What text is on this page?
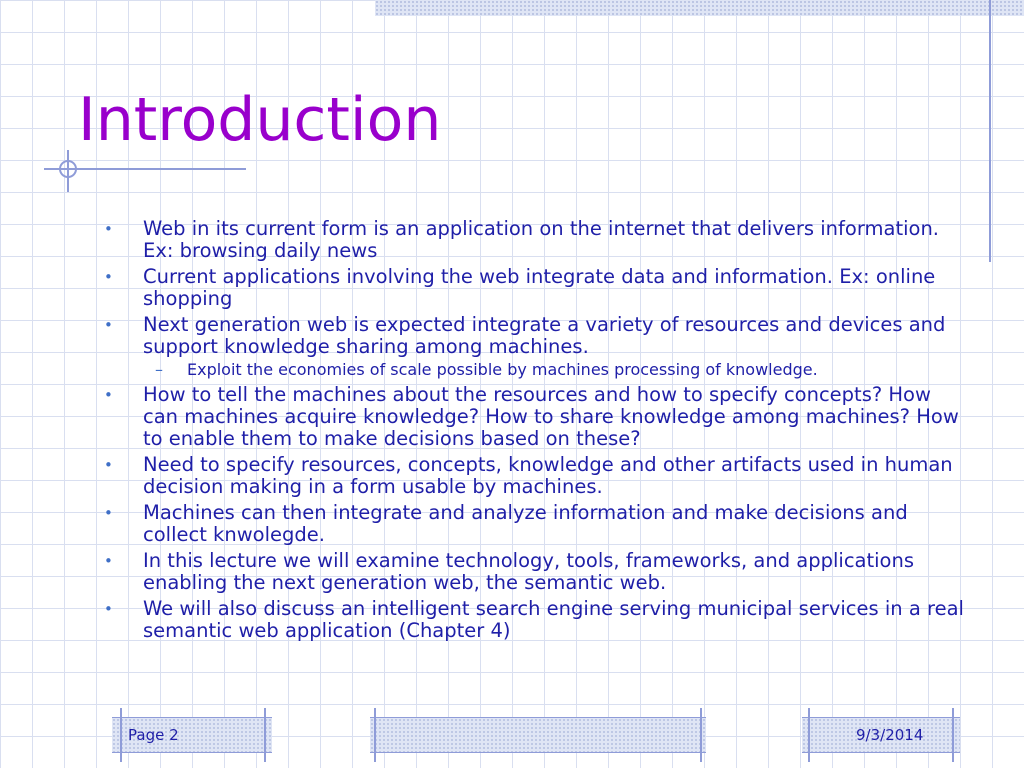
Introduction
• Web in its current form is an application on the internet that delivers information. Ex: browsing daily news
• Current applications involving the web integrate data and information. Ex: online shopping
• Next generation web is expected integrate a variety of resources and devices and support knowledge sharing among machines.
– Exploit the economies of scale possible by machines processing of knowledge.
• How to tell the machines about the resources and how to specify concepts? How can machines acquire knowledge? How to share knowledge among machines? How to enable them to make decisions based on these?
• Need to specify resources, concepts, knowledge and other artifacts used in human decision making in a form usable by machines.
• Machines can then integrate and analyze information and make decisions and collect knwolegde.
• In this lecture we will examine technology, tools, frameworks, and applications enabling the next generation web, the semantic web.
• We will also discuss an intelligent search engine serving municipal services in a real semantic web application (Chapter 4)
Page 2	9/3/2014
